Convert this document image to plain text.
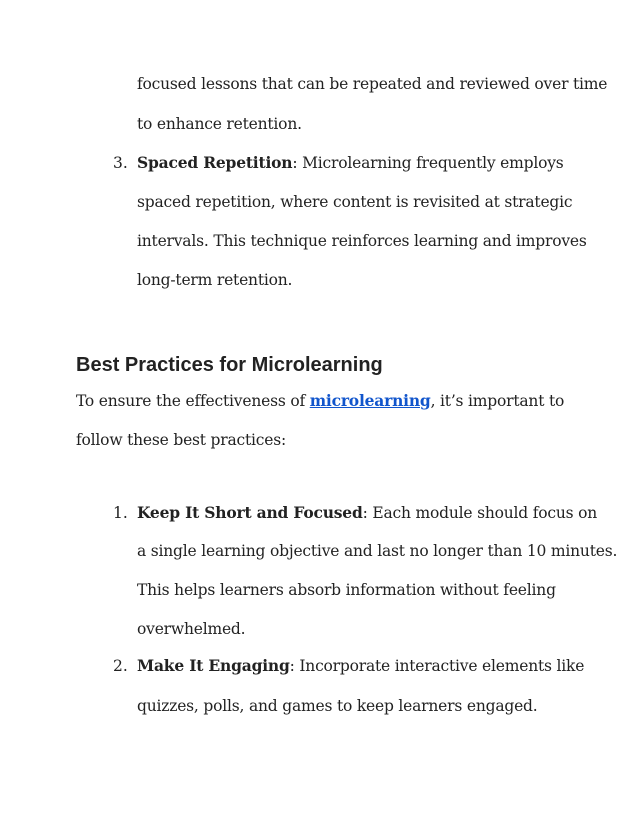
focused lessons that can be repeated and reviewed over time
to enhance retention.
3. Spaced Repetition: Microlearning frequently employs
spaced repetition, where content is revisited at strategic
intervals. This technique reinforces learning and improves
long-term retention.
Best Practices for Microlearning
To ensure the effectiveness of microlearning, it’s important to
follow these best practices:
1. Keep It Short and Focused: Each module should focus on
a single learning objective and last no longer than 10 minutes.
This helps learners absorb information without feeling
overwhelmed.
2. Make It Engaging: Incorporate interactive elements like
quizzes, polls, and games to keep learners engaged.
